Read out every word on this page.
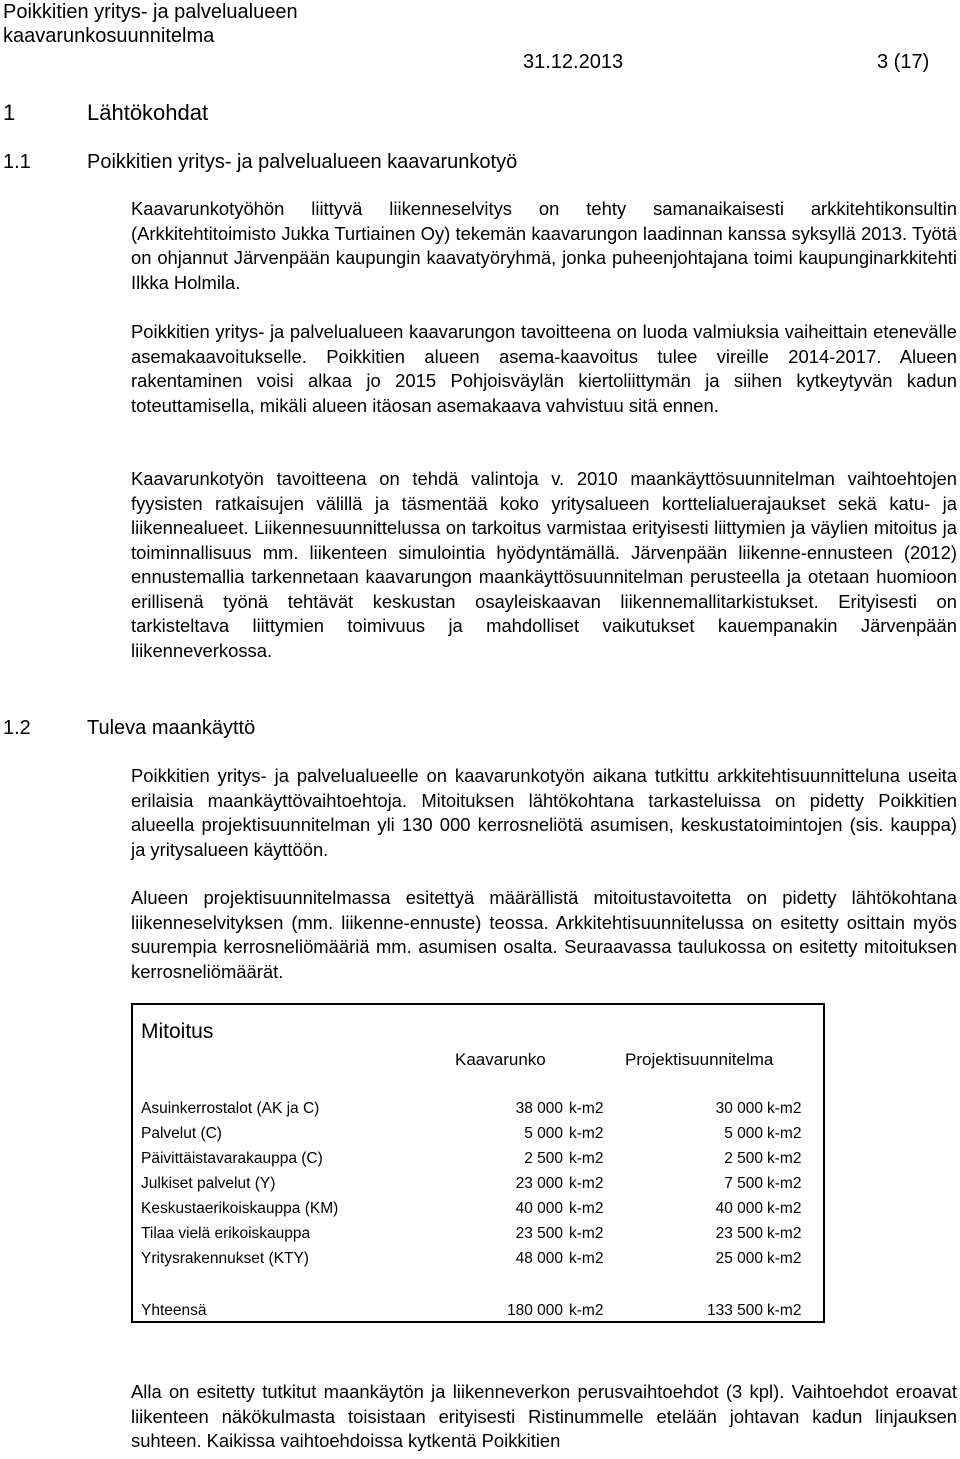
Poikkitien yritys- ja palvelualueen
kaavarunkosuunnitelma
31.12.2013	3 (17)
1	Lähtökohdat
1.1	Poikkitien yritys- ja palvelualueen kaavarunkotyö

Kaavarunkotyöhön liittyvä liikenneselvitys on tehty samanaikaisesti arkkitehtikonsultin (Arkkitehtitoimisto Jukka Turtiainen Oy) tekemän kaavarungon laadinnan kanssa syksyllä 2013. Työtä on ohjannut Järvenpään kaupungin kaavatyöryhmä, jonka puheenjohtajana toimi kaupunginarkkitehti Ilkka Holmila.

Poikkitien yritys- ja palvelualueen kaavarungon tavoitteena on luoda valmiuksia vaiheittain etenevälle asemakaavoitukselle. Poikkitien alueen asema-kaavoitus tulee vireille 2014-2017. Alueen rakentaminen voisi alkaa jo 2015 Pohjoisväylän kiertoliittymän ja siihen kytkeytyvän kadun toteuttamisella, mikäli alueen itäosan asemakaava vahvistuu sitä ennen.

Kaavarunkotyön tavoitteena on tehdä valintoja v. 2010 maankäyttösuunnitelman vaihtoehtojen fyysisten ratkaisujen välillä ja täsmentää koko yritysalueen korttelialuerajaukset sekä katu- ja liikennealueet. Liikennesuunnittelussa on tarkoitus varmistaa erityisesti liittymien ja väylien mitoitus ja toiminnallisuus mm. liikenteen simulointia hyödyntämällä. Järvenpään liikenne-ennusteen (2012) ennustemallia tarkennetaan kaavarungon maankäyttösuunnitelman perusteella ja otetaan huomioon erillisenä työnä tehtävät keskustan osayleiskaavan liikennemallitarkistukset. Erityisesti on tarkisteltava liittymien toimivuus ja mahdolliset vaikutukset kauempanakin Järvenpään liikenneverkossa.

1.2	Tuleva maankäyttö

Poikkitien yritys- ja palvelualueelle on kaavarunkotyön aikana tutkittu arkkitehtisuunnitteluna useita erilaisia maankäyttövaihtoehtoja. Mitoituksen lähtökohtana tarkasteluissa on pidetty Poikkitien alueella projektisuunnitelman yli 130 000 kerrosneliötä asumisen, keskustatoimintojen (sis. kauppa) ja yritysalueen käyttöön.

Alueen projektisuunnitelmassa esitettyä määrällistä mitoitustavoitetta on pidetty lähtökohtana liikenneselvityksen (mm. liikenne-ennuste) teossa. Arkkitehtisuunnitelussa on esitetty osittain myös suurempia kerrosneliömääriä mm. asumisen osalta. Seuraavassa taulukossa on esitetty mitoituksen kerrosneliömäärät.

Mitoitus
Kaavarunko	Projektisuunnitelma
Asuinkerrostalot (AK ja C)	38 000 k-m2	30 000 k-m2
Palvelut (C)	5 000 k-m2	5 000 k-m2
Päivittäistavarakauppa (C)	2 500 k-m2	2 500 k-m2
Julkiset palvelut (Y)	23 000 k-m2	7 500 k-m2
Keskustaerikoiskauppa (KM)	40 000 k-m2	40 000 k-m2
Tilaa vielä erikoiskauppa	23 500 k-m2	23 500 k-m2
Yritysrakennukset (KTY)	48 000 k-m2	25 000 k-m2
Yhteensä	180 000 k-m2	133 500 k-m2

Alla on esitetty tutkitut maankäytön ja liikenneverkon perusvaihtoehdot (3 kpl). Vaihtoehdot eroavat liikenteen näkökulmasta toisistaan erityisesti Ristinummelle etelään johtavan kadun linjauksen suhteen. Kaikissa vaihtoehdoissa kytkentä Poikkitien
